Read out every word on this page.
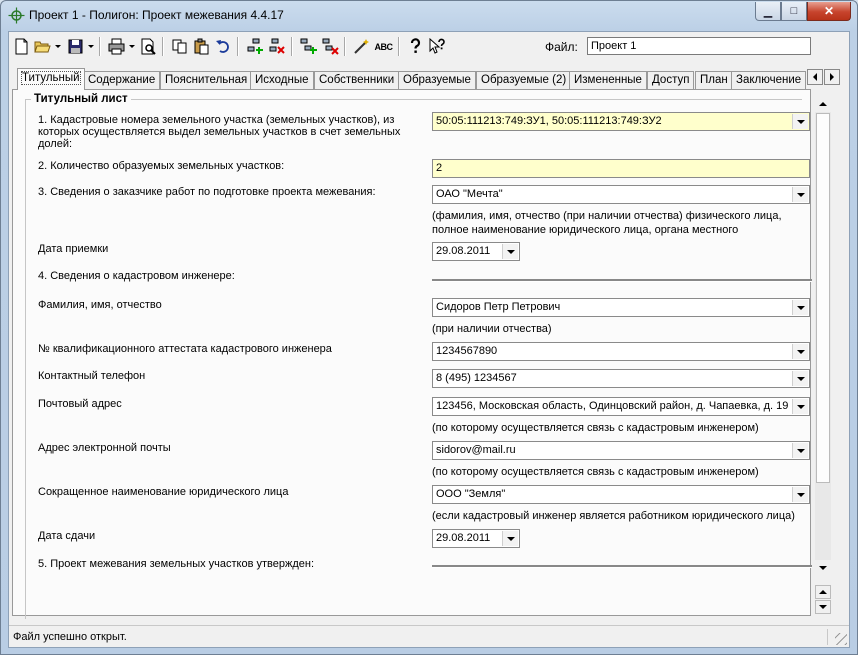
Проект 1 - Полигон: Проект межевания 4.4.17	▁ □ ✕
ABC	Файл:	Проект 1
Титульный Содержание Пояснительная Исходные Собственники Образуемые Образуемые (2) Измененные Доступ План Заключение
Титульный лист
1. Кадастровые номера земельного участка (земельных участков), из которых осуществляется выдел земельных участков в счет земельных долей:
50:05:111213:749:ЗУ1, 50:05:111213:749:ЗУ2
2. Количество образуемых земельных участков:	2
3. Сведения о заказчике работ по подготовке проекта межевания:	ОАО "Мечта"
(фамилия, имя, отчество (при наличии отчества) физического лица,
полное наименование юридического лица, органа местного
Дата приемки	29.08.2011
4. Сведения о кадастровом инженере:
Фамилия, имя, отчество	Сидоров Петр Петрович
(при наличии отчества)
№ квалификационного аттестата кадастрового инженера	1234567890
Контактный телефон	8 (495) 1234567
Почтовый адрес	123456, Московская область, Одинцовский район, д. Чапаевка, д. 19
(по которому осуществляется связь с кадастровым инженером)
Адрес электронной почты	sidorov@mail.ru
(по которому осуществляется связь с кадастровым инженером)
Сокращенное наименование юридического лица	ООО "Земля"
(если кадастровый инженер является работником юридического лица)
Дата сдачи	29.08.2011
5. Проект межевания земельных участков утвержден:
Файл успешно открыт.
